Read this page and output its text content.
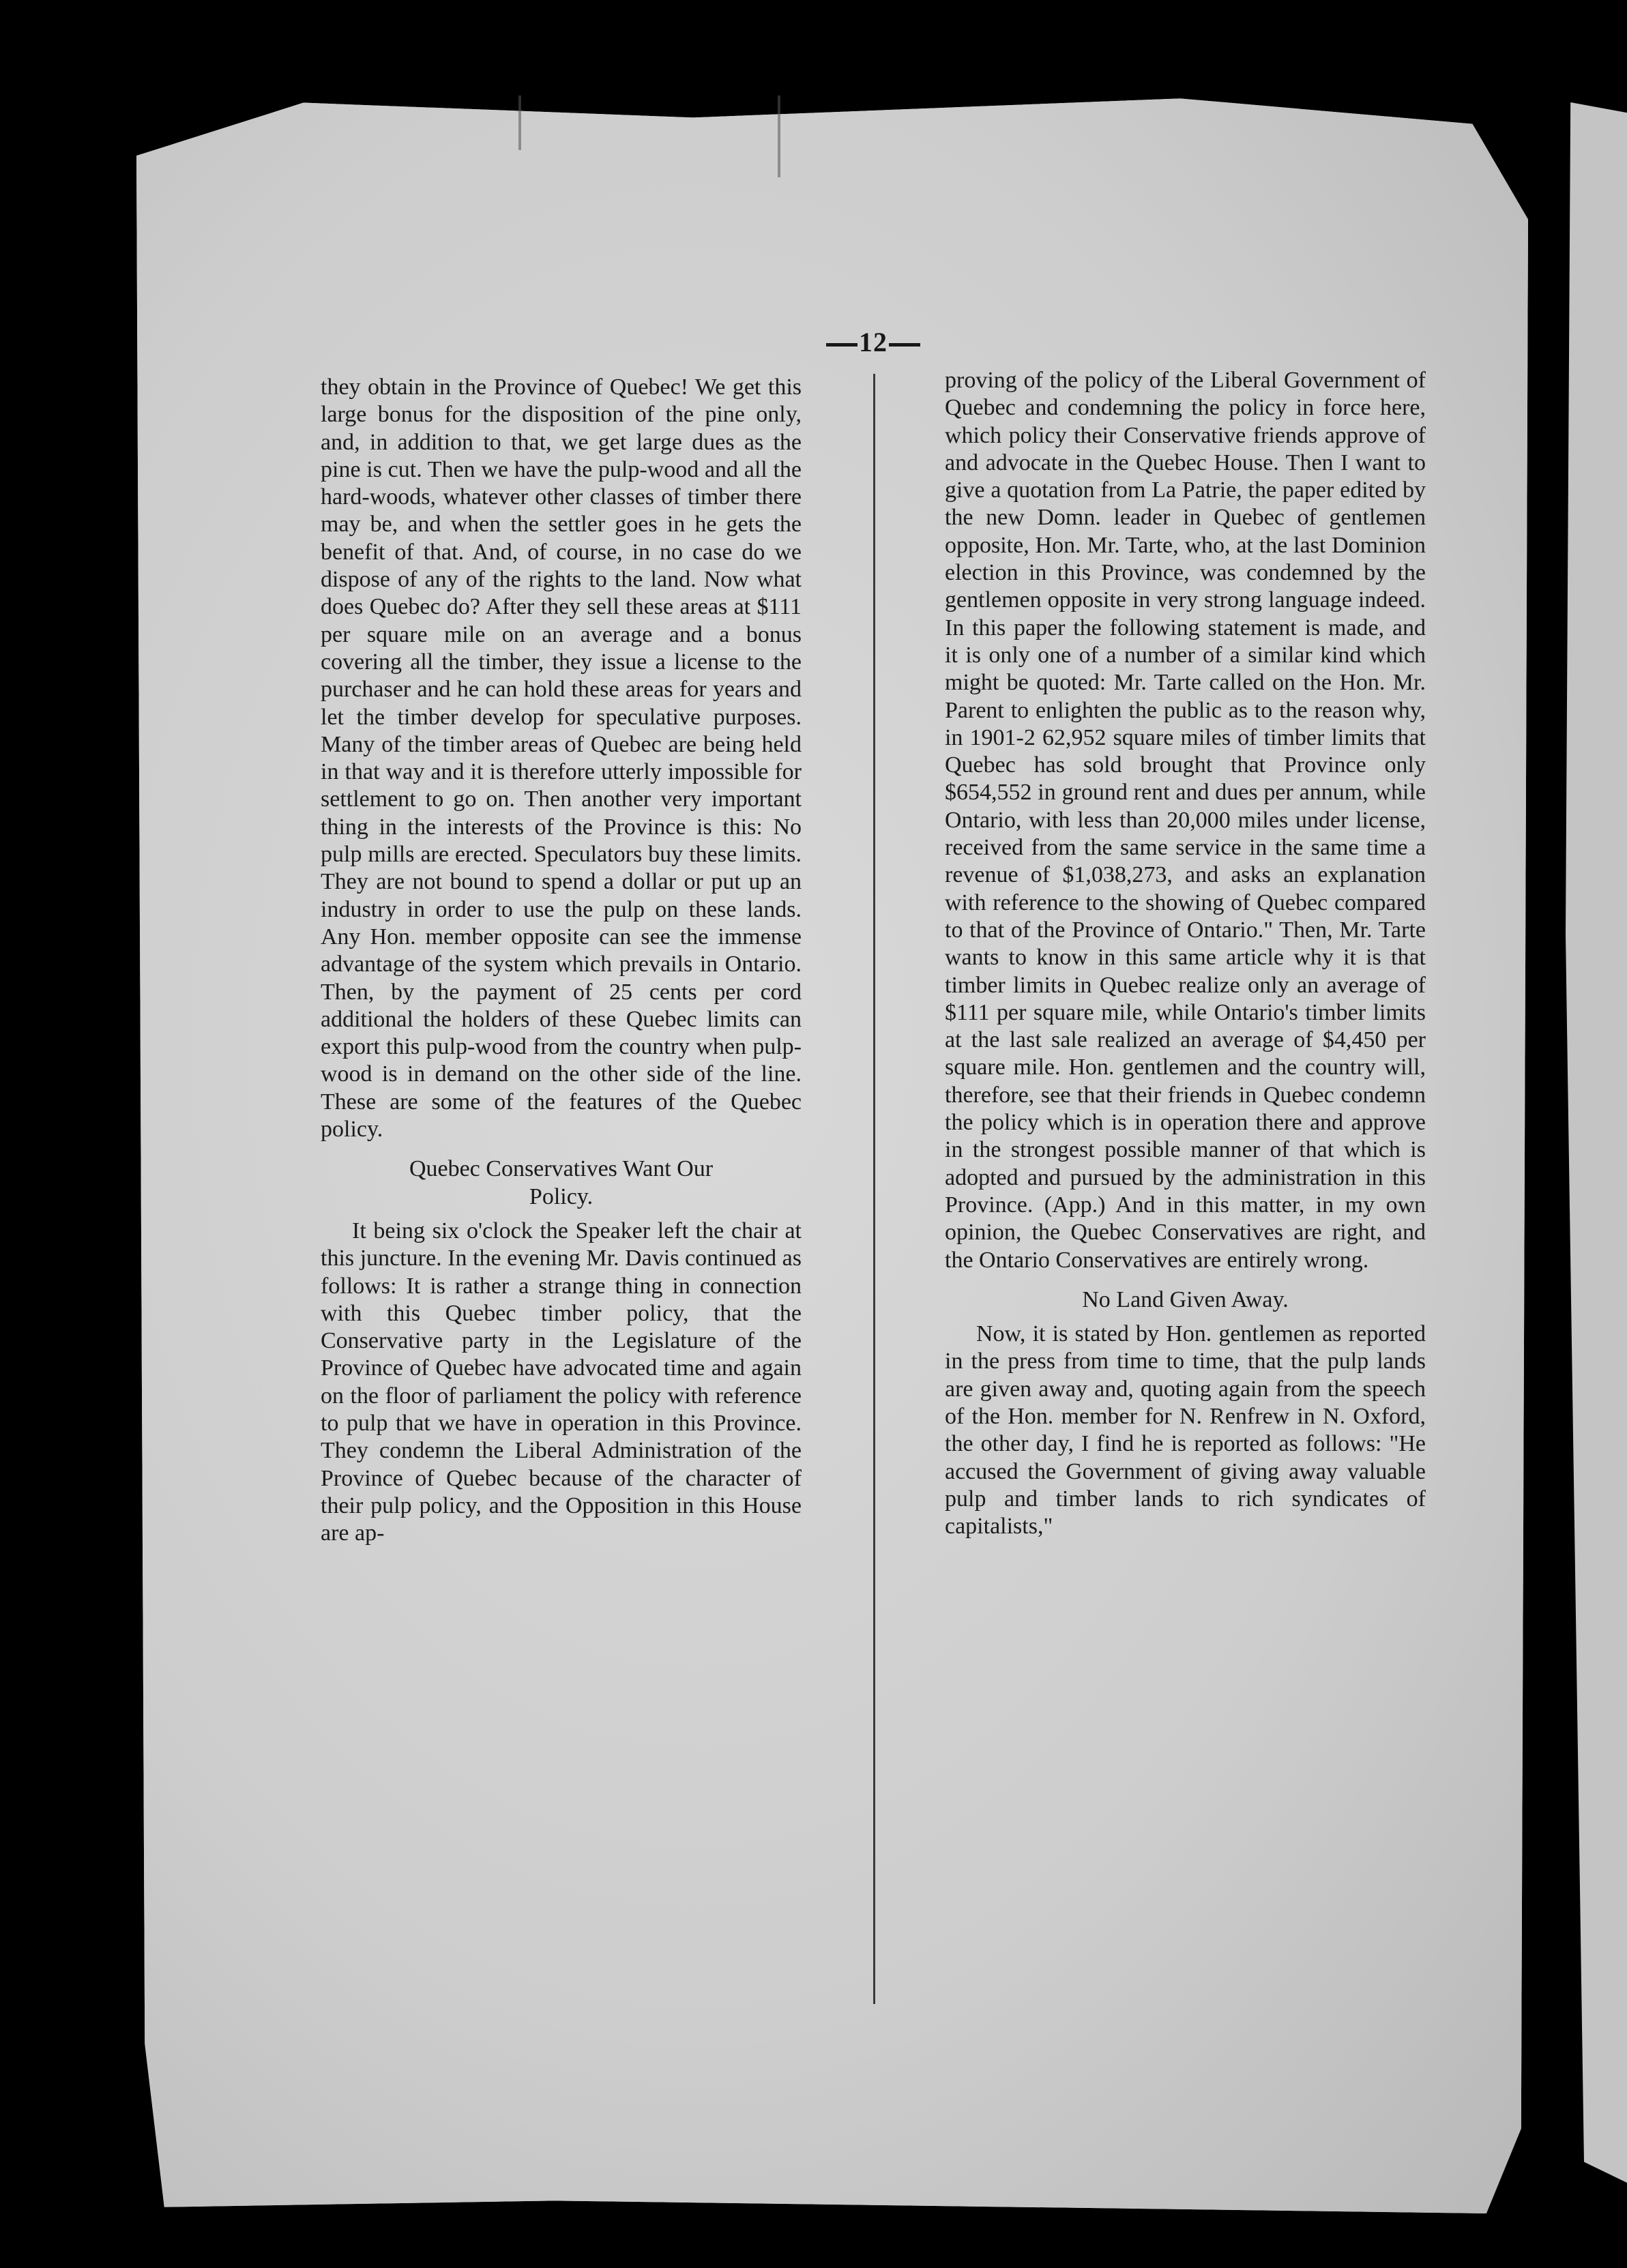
12

they obtain in the Province of Quebec! We get this large bonus for the disposition of the pine only, and, in addition to that, we get large dues as the pine is cut. Then we have the pulp-wood and all the hard-woods, whatever other classes of timber there may be, and when the settler goes in he gets the benefit of that. And, of course, in no case do we dispose of any of the rights to the land. Now what does Quebec do? After they sell these areas at $111 per square mile on an average and a bonus covering all the timber, they issue a license to the purchaser and he can hold these areas for years and let the timber develop for speculative purposes. Many of the timber areas of Quebec are being held in that way and it is therefore utterly impossible for settlement to go on. Then another very important thing in the interests of the Province is this: No pulp mills are erected. Speculators buy these limits. They are not bound to spend a dollar or put up an industry in order to use the pulp on these lands. Any Hon. member opposite can see the immense advantage of the system which prevails in Ontario. Then, by the payment of 25 cents per cord additional the holders of these Quebec limits can export this pulp-wood from the country when pulp-wood is in demand on the other side of the line. These are some of the features of the Quebec policy.

Quebec Conservatives Want Our
Policy.

It being six o'clock the Speaker left the chair at this juncture. In the evening Mr. Davis continued as follows: It is rather a strange thing in connection with this Quebec timber policy, that the Conservative party in the Legislature of the Province of Quebec have advocated time and again on the floor of parliament the policy with reference to pulp that we have in operation in this Province. They condemn the Liberal Administration of the Province of Quebec because of the character of their pulp policy, and the Opposition in this House are ap-

proving of the policy of the Liberal Government of Quebec and condemning the policy in force here, which policy their Conservative friends approve of and advocate in the Quebec House. Then I want to give a quotation from La Patrie, the paper edited by the new Domn. leader in Quebec of gentlemen opposite, Hon. Mr. Tarte, who, at the last Dominion election in this Province, was condemned by the gentlemen opposite in very strong language indeed. In this paper the following statement is made, and it is only one of a number of a similar kind which might be quoted: Mr. Tarte called on the Hon. Mr. Parent to enlighten the public as to the reason why, in 1901-2 62,952 square miles of timber limits that Quebec has sold brought that Province only $654,552 in ground rent and dues per annum, while Ontario, with less than 20,000 miles under license, received from the same service in the same time a revenue of $1,038,273, and asks an explanation with reference to the showing of Quebec compared to that of the Province of Ontario." Then, Mr. Tarte wants to know in this same article why it is that timber limits in Quebec realize only an average of $111 per square mile, while Ontario's timber limits at the last sale realized an average of $4,450 per square mile. Hon. gentlemen and the country will, therefore, see that their friends in Quebec condemn the policy which is in operation there and approve in the strongest possible manner of that which is adopted and pursued by the administration in this Province. (App.) And in this matter, in my own opinion, the Quebec Conservatives are right, and the Ontario Conservatives are entirely wrong.

No Land Given Away.

Now, it is stated by Hon. gentlemen as reported in the press from time to time, that the pulp lands are given away and, quoting again from the speech of the Hon. member for N. Renfrew in N. Oxford, the other day, I find he is reported as follows: "He accused the Government of giving away valuable pulp and timber lands to rich syndicates of capitalists,"
